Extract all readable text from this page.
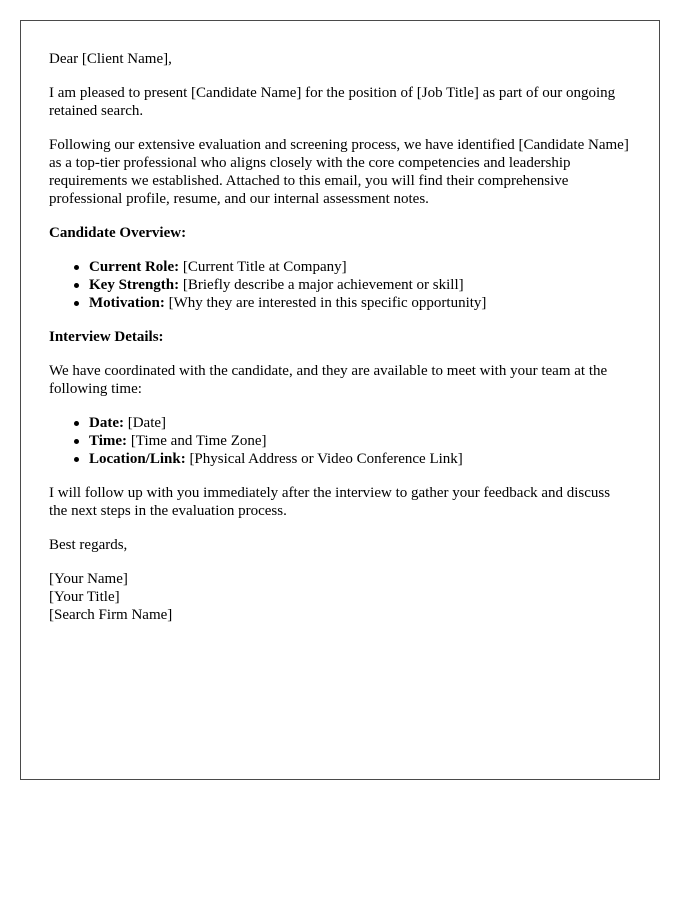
Dear [Client Name],

I am pleased to present [Candidate Name] for the position of [Job Title] as part of our ongoing retained search.

Following our extensive evaluation and screening process, we have identified [Candidate Name] as a top-tier professional who aligns closely with the core competencies and leadership requirements we established. Attached to this email, you will find their comprehensive professional profile, resume, and our internal assessment notes.

Candidate Overview:
Current Role: [Current Title at Company]
Key Strength: [Briefly describe a major achievement or skill]
Motivation: [Why they are interested in this specific opportunity]
Interview Details:

We have coordinated with the candidate, and they are available to meet with your team at the following time:

Date: [Date]
Time: [Time and Time Zone]
Location/Link: [Physical Address or Video Conference Link]

I will follow up with you immediately after the interview to gather your feedback and discuss the next steps in the evaluation process.

Best regards,

[Your Name]

[Your Title]

[Search Firm Name]
